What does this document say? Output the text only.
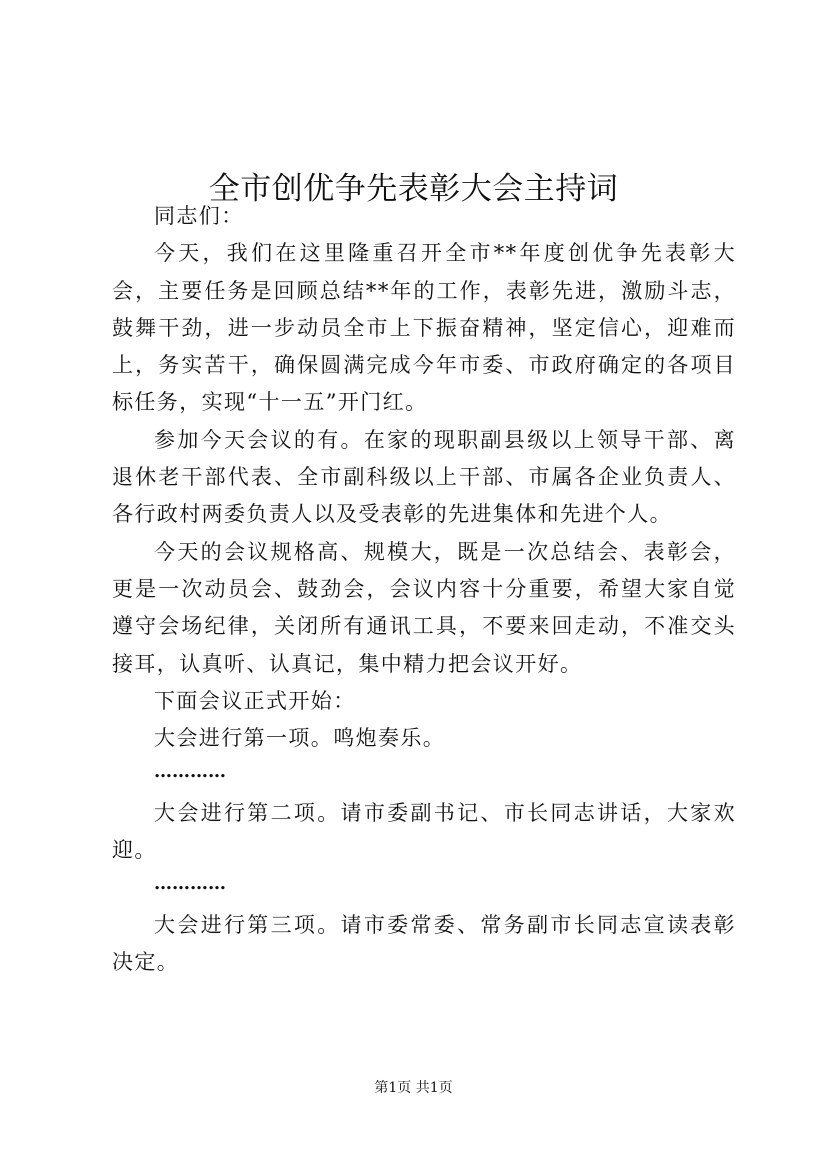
全市创优争先表彰大会主持词

同志们：

今天，我们在这里隆重召开全市**年度创优争先表彰大会，主要任务是回顾总结**年的工作，表彰先进，激励斗志，鼓舞干劲，进一步动员全市上下振奋精神，坚定信心，迎难而上，务实苦干，确保圆满完成今年市委、市政府确定的各项目标任务，实现“十一五”开门红。

参加今天会议的有。在家的现职副县级以上领导干部、离退休老干部代表、全市副科级以上干部、市属各企业负责人、各行政村两委负责人以及受表彰的先进集体和先进个人。

今天的会议规格高、规模大，既是一次总结会、表彰会，更是一次动员会、鼓劲会，会议内容十分重要，希望大家自觉遵守会场纪律，关闭所有通讯工具，不要来回走动，不准交头接耳，认真听、认真记，集中精力把会议开好。

下面会议正式开始：

大会进行第一项。鸣炮奏乐。

…………

大会进行第二项。请市委副书记、市长同志讲话，大家欢迎。

…………

大会进行第三项。请市委常委、常务副市长同志宣读表彰决定。

第1页 共1页
